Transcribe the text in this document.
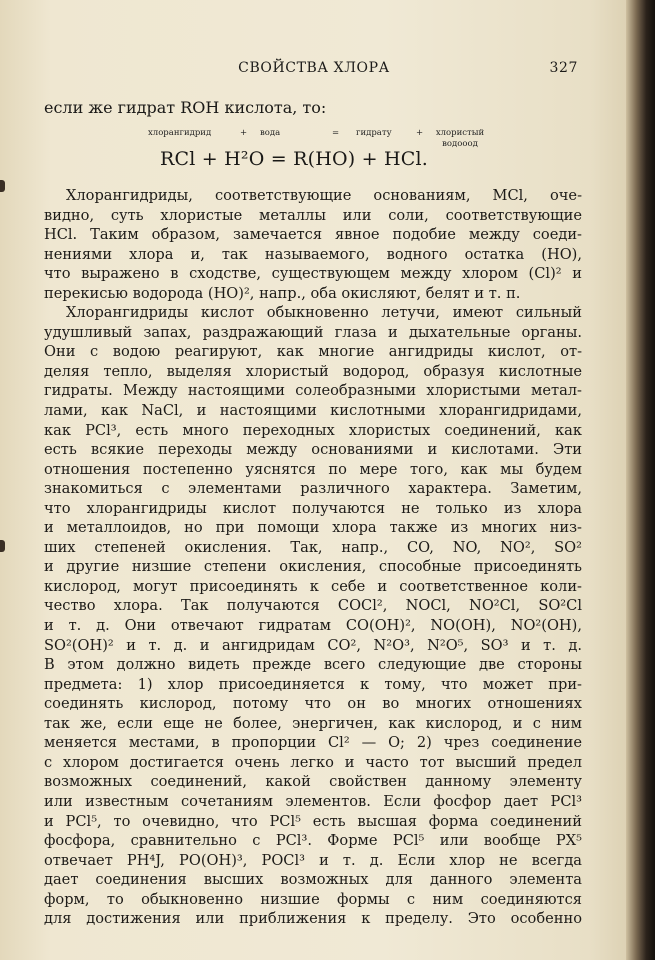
СВОЙСТВА ХЛОРА	327
если же гидрат ROH кислота, то:
хлорангидрид	+ вода	= гидрату	+ хлористый водоoод
RCl + H²O = R(HO) + HCl.
Хлорангидриды, соответствующие основаниям, MCl, оче-
видно, суть хлористые металлы или соли, соответствующие
HCl. Таким образом, замечается явное подобие между соеди-
нениями хлора и, так называемого, водного остатка (HO),
что выражено в сходстве, существующем между хлором (Cl)² и
перекисью водорода (HO)², напр., оба окисляют, белят и т. п.
Хлорангидриды кислот обыкновенно летучи, имеют сильный
удушливый запах, раздражающий глаза и дыхательные органы.
Они с водою реагируют, как многие ангидриды кислот, от-
деляя тепло, выделяя хлористый водород, образуя кислотные
гидраты. Между настоящими солеобразными хлористыми метал-
лами, как NaCl, и настоящими кислотными хлорангидридами,
как PCl³, есть много переходных хлористых соединений, как
есть всякие переходы между основаниями и кислотами. Эти
отношения постепенно уяснятся по мере того, как мы будем
знакомиться с элементами различного характера. Заметим,
что хлорангидриды кислот получаются не только из хлора
и металлоидов, но при помощи хлора также из многих низ-
ших степеней окисления. Так, напр., CO, NO, NO², SO²
и другие низшие степени окисления, способные присоединять
кислород, могут присоединять к себе и соответственное коли-
чество хлора. Так получаются COCl², NOCl, NO²Cl, SO²Cl
и т. д. Они отвечают гидратам CO(OH)², NO(OH), NO²(OH),
SO²(OH)² и т. д. и ангидридам CO², N²O³, N²O⁵, SO³ и т. д.
В этом должно видеть прежде всего следующие две стороны
предмета: 1) хлор присоединяется к тому, что может при-
соединять кислород, потому что он во многих отношениях
так же, если еще не более, энергичен, как кислород, и с ним
меняется местами, в пропорции Cl² — O; 2) чрез соединение
с хлором достигается очень легко и часто тот высший предел
возможных соединений, какой свойствен данному элементу
или известным сочетаниям элементов. Если фосфор дает PCl³
и PCl⁵, то очевидно, что PCl⁵ есть высшая форма соединений
фосфора, сравнительно с PCl³. Форме PCl⁵ или вообще PX⁵
отвечает PH⁴J, PO(OH)³, POCl³ и т. д. Если хлор не всегда
дает соединения высших возможных для данного элемента
форм, то обыкновенно низшие формы с ним соединяются
для достижения или приближения к пределу. Это особенно
